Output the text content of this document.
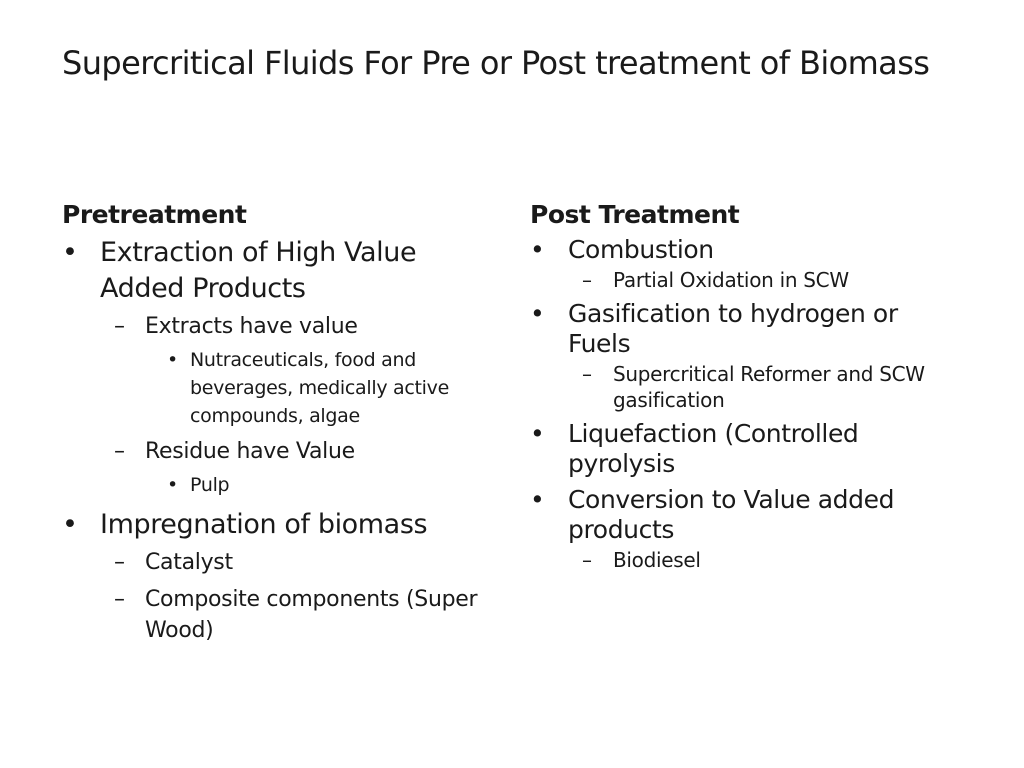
Supercritical Fluids For Pre or Post treatment of Biomass
Pretreatment
• Extraction of High Value Added Products
– Extracts have value
• Nutraceuticals, food and beverages, medically active compounds, algae
– Residue have Value
• Pulp
• Impregnation of biomass
– Catalyst
– Composite components (Super Wood)
Post Treatment
• Combustion
– Partial Oxidation in SCW
• Gasification to hydrogen or Fuels
– Supercritical Reformer and SCW gasification
• Liquefaction (Controlled pyrolysis
• Conversion to Value added products
– Biodiesel
